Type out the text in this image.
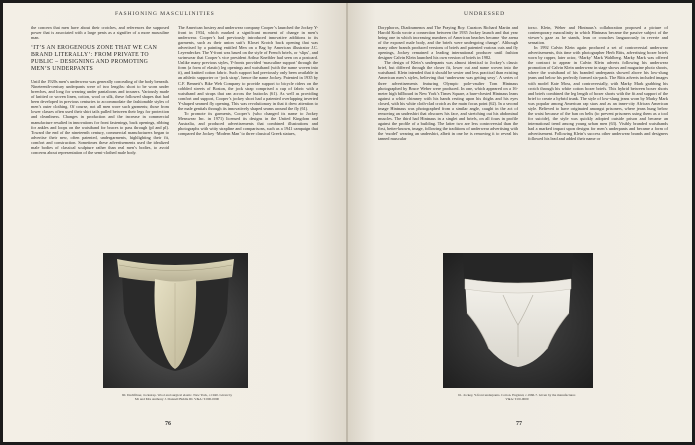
FASHIONING MASCULINITIES

the concern that men have about their crotches, and references the supposed power that is associated with a large penis as a signifier of a more masculine man.

‘IT’S AN EROGENOUS ZONE THAT WE CAN BRAND LITERALLY’: FROM PRIVATE TO PUBLIC – DESIGNING AND PROMOTING MEN’S UNDERPANTS

Until the 1920s men’s underwear was generally concealing of the body beneath. Nineteenth-century underpants were of two lengths: short to be worn under breeches, and long for wearing under pantaloons and trousers. Variously made of knitted or woven linen, cotton, wool or silk, these followed shapes that had been developed in previous centuries to accommodate the fashionable styles of men’s outer clothing. Of course, not all men wore such garments; those from lower classes often used their shirt tails pulled between their legs for protection and cleanliness. Changes in production and the increase in commercial manufacture resulted in innovations for front fastenings, back openings, ribbing for ankles and loops on the waistband for braces to pass through (pl and pl). Toward the end of the nineteenth century, commercial manufacturers began to advertise their new, often patented, undergarments, highlighting their fit, comfort and construction. Sometimes these advertisements used the idealized male bodies of classical sculpture rather than real men’s bodies, to avoid concerns about representation of the semi-clothed male body.

The American hosiery and underwear company Cooper’s launched the Jockey Y-front in 1934, which marked a significant moment of change in men’s underwear. Cooper’s had previously introduced innovative additions to its garments, such as their union suit’s Kloset Krotch back opening that was advertised by a painting entitled Men on a Bag by American illustrator J.C. Leyendecker. The Y-front was based on the style of French briefs, or ‘slips’, and swimwear that Cooper’s vice president Arthur Kneibler had seen on a postcard. Unlike many previous styles, Y-fronts provided ‘masculine support’ through the form (a form of elastic) leg openings and waistband (with the name woven into it), and knitted cotton fabric. Such support had previously only been available in an athletic supporter or ‘jock strap’, hence the name Jockey. Patented in 1935 by C.F. Bennett’s Bike Web Company to provide support to bicycle riders on the cobbled streets of Boston, the jock strap comprised a cup of fabric with a waistband and straps that ran across the buttocks (61). As well as providing comfort and support, Cooper’s jockey short had a patented overlapping inverted Y-shaped seamed fly opening. This was revolutionary in that it drew attention to the male genitals through its innovatively shaped seams around the fly (61).

To promote its garments, Cooper’s (who changed its name to Jockey Menswear Inc. in 1971) licensed its designs in the United Kingdom and Australia, and produced advertisements that combined illustrations and photographs with witty strapline and comparisons, such as a 1941 campaign that compared the Jockey ‘Modern Man’ to three classical Greek statues,

60. Dachfilner, Jockstrap. Wool and surgical elastic. New York, c.1940. Given by Mr and Mrs Anthony J. Donnell Biddle III. V&A: T.000-0000
76
UNDRESSED

Doryphoros, Diadoumenos and The Praying Boy. Curators Richard Martin and Harold Koda wrote a connection between the 1935 Jockey launch and that year being one in which increasing numbers of American beaches became ‘the arena of the exposed male body, and the briefs were undergoing change’. Although many other brands produced versions of briefs and patented various cuts and fly openings, Jockey remained a leading international producer until fashion designer Calvin Klein launched his own version of briefs in 1982.

The design of Klein’s underpants was almost identical to Jockey’s classic brief, but differed through the closer fit, lower cut and name woven into the waistband. Klein intended that it should be sexier and less practical than existing American men’s styles, believing that ‘underwear was getting sexy’. A series of three advertisements featuring Olympic pole-vaulter Tom Hintnaus photographed by Bruce Weber were produced. In one, which appeared on a 16-meter high billboard in New York’s Times Square, a bare-chested Hintnaus leans against a white chimney with his hands resting upon his thighs and his eyes closed, with his white cloth-clad crotch as the main focus point (62). In a second image Hintnaus was photographed from a similar angle, caught in the act of removing an undershirt that obscures his face, and stretching out his abdominal muscles. The third had Hintnaus in a singlet and briefs, on all fours in profile against the profile of a building. The latter two are less controversial than the first, better-known, image, following the traditions of underwear advertising with the ‘model’ wearing an undershirt, albeit in one he is removing it to reveal his tanned muscular

torso. Klein, Weber and Hintnaus’s collaboration proposed a picture of contemporary masculinity in which Hintnaus became the passive subject of the viewer’s gaze as he stands, lean or crouches languorously in reverie and sensation.

In 1992 Calvin Klein again produced a set of controversial underwear advertisements, this time with photographer Herb Ritts, advertising boxer briefs worn by rapper, later actor, ‘Marky’ Mark Wahlberg. Marky Mark was offered the contract to appear in Calvin Klein adverts following his underwear promotion of Calvin Klein underwear in stage shows and magazine photo shoots, where the waistband of his branded underpants showed above his low-slung jeans and below his perfectly formed six-pack. The Ritts adverts included images with model Kate Moss, and controversially, with Marky Mark grabbing his crotch through his white cotton boxer briefs. This hybrid between boxer shorts and briefs combined the leg length of boxer shorts with the fit and support of the brief to create a hybrid trunk. The style of low-slung jeans worn by Marky Mark was popular among American rap stars and as an inner-city African American style. Believed to have originated amongst prisoners, where jeans hung below the waist because of the ban on belts (to prevent prisoners using them as a tool for suicide), the style was quickly adopted outside prison and became an international trend among young urban men (63). Visibly branded waistbands had a marked impact upon designs for men’s underpants and became a form of advertisement. Following Klein’s success other underwear brands and designers followed his lead and added their name or

61. Jockey, Y-front underpants. Cotton. England, c.1966-7. Given by the manufacturer. V&A: T.00-0000
77
